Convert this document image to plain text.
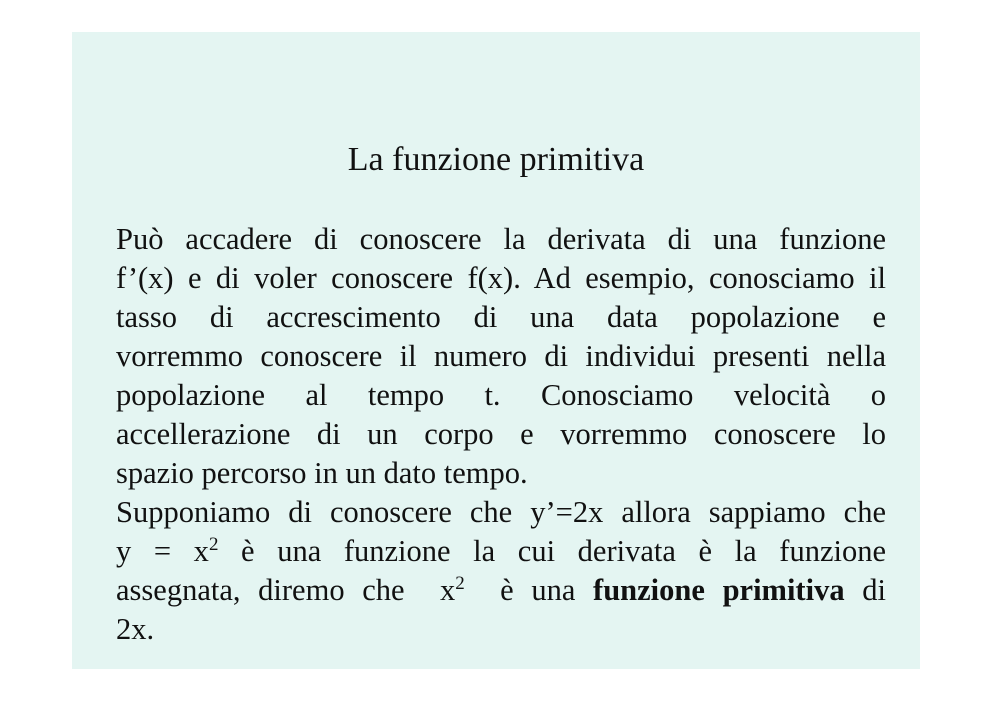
La funzione primitiva
Può accadere di conoscere la derivata di una funzione
f’(x) e di voler conoscere f(x). Ad esempio, conosciamo il
tasso di accrescimento di una data popolazione e
vorremmo conoscere il numero di individui presenti nella
popolazione al tempo t. Conosciamo velocità o
accellerazione di un corpo e vorremmo conoscere lo
spazio percorso in un dato tempo.
Supponiamo di conoscere che y’=2x allora sappiamo che
$y = x^2$ è una funzione la cui derivata è la funzione
assegnata, diremo che  $x^2$  è una funzione primitiva di
2x.
